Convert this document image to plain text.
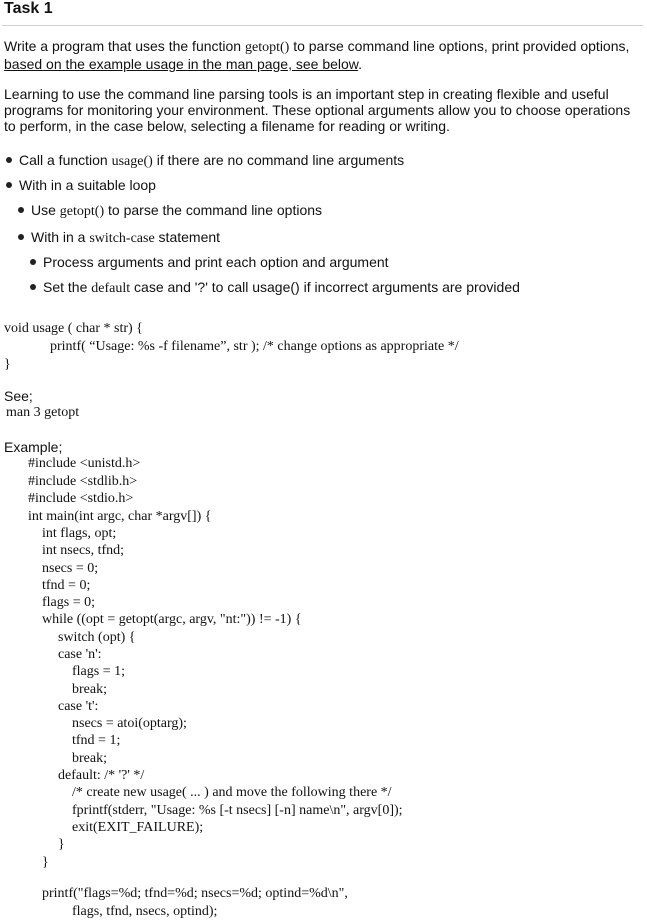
Task 1
Write a program that uses the function getopt() to parse command line options, print provided options, based on the example usage in the man page, see below.
Learning to use the command line parsing tools is an important step in creating flexible and useful programs for monitoring your environment. These optional arguments allow you to choose operations to perform, in the case below, selecting a filename for reading or writing.
Call a function usage() if there are no command line arguments
With in a suitable loop
Use getopt() to parse the command line options
With in a switch-case statement
Process arguments and print each option and argument
Set the default case and '?' to call usage() if incorrect arguments are provided
void usage ( char * str) {
printf( “Usage: %s -f filename”, str ); /* change options as appropriate */
}
See;
man 3 getopt
Example;
#include <unistd.h>
#include <stdlib.h>
#include <stdio.h>
int main(int argc, char *argv[]) {
int flags, opt;
int nsecs, tfnd;
nsecs = 0;
tfnd = 0;
flags = 0;
while ((opt = getopt(argc, argv, "nt:")) != -1) {
switch (opt) {
case 'n':
flags = 1;
break;
case 't':
nsecs = atoi(optarg);
tfnd = 1;
break;
default: /* '?' */
/* create new usage( ... ) and move the following there */
fprintf(stderr, "Usage: %s [-t nsecs] [-n] name\n", argv[0]);
exit(EXIT_FAILURE);
}
}
printf("flags=%d; tfnd=%d; nsecs=%d; optind=%d\n",
flags, tfnd, nsecs, optind);
